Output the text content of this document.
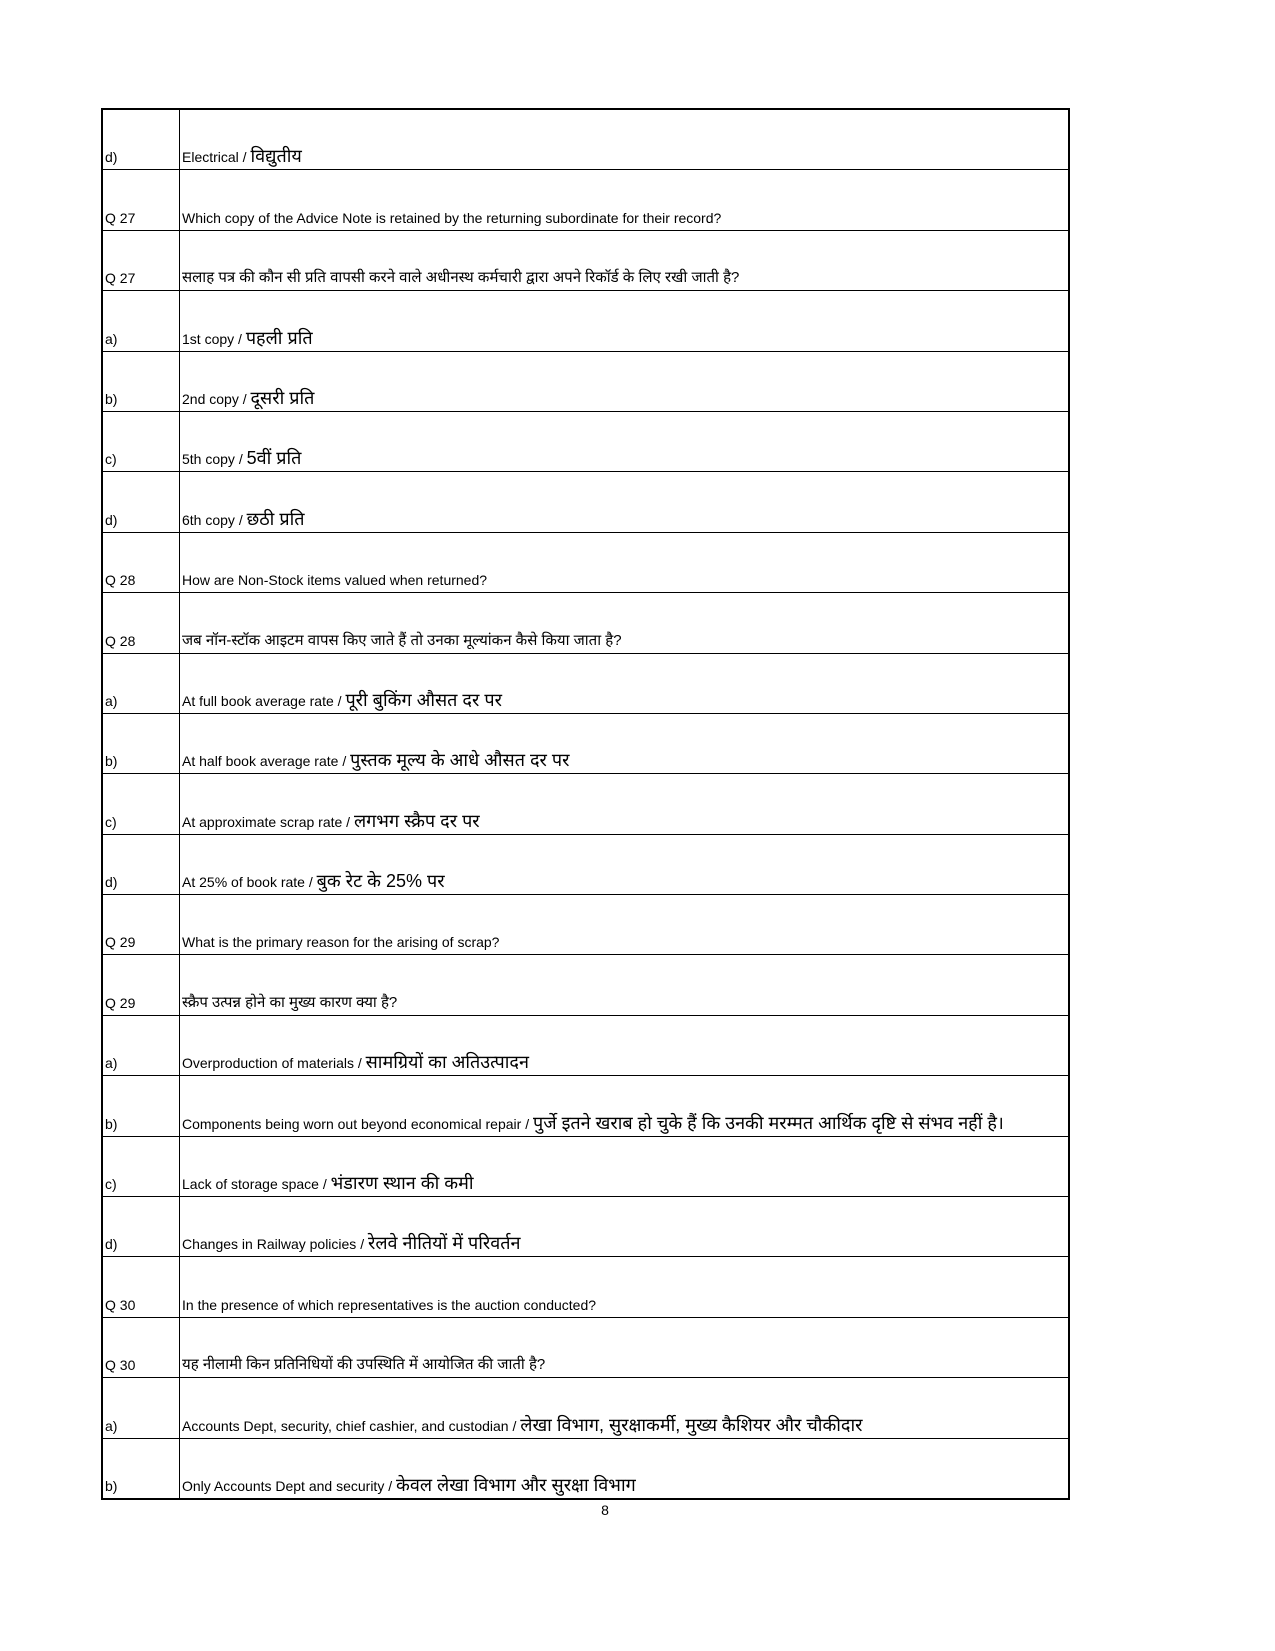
d)	Electrical / विद्युतीय
Q 27	Which copy of the Advice Note is retained by the returning subordinate for their record?
Q 27	सलाह पत्र की कौन सी प्रति वापसी करने वाले अधीनस्थ कर्मचारी द्वारा अपने रिकॉर्ड के लिए रखी जाती है?
a)	1st copy / पहली प्रति
b)	2nd copy / दूसरी प्रति
c)	5th copy / 5वीं प्रति
d)	6th copy / छठी प्रति
Q 28	How are Non-Stock items valued when returned?
Q 28	जब नॉन-स्टॉक आइटम वापस किए जाते हैं तो उनका मूल्यांकन कैसे किया जाता है?
a)	At full book average rate / पूरी बुकिंग औसत दर पर
b)	At half book average rate / पुस्तक मूल्य के आधे औसत दर पर
c)	At approximate scrap rate / लगभग स्क्रैप दर पर
d)	At 25% of book rate / बुक रेट के 25% पर
Q 29	What is the primary reason for the arising of scrap?
Q 29	स्क्रैप उत्पन्न होने का मुख्य कारण क्या है?
a)	Overproduction of materials / सामग्रियों का अतिउत्पादन
b)	Components being worn out beyond economical repair / पुर्जे इतने खराब हो चुके हैं कि उनकी मरम्मत आर्थिक दृष्टि से संभव नहीं है।
c)	Lack of storage space / भंडारण स्थान की कमी
d)	Changes in Railway policies / रेलवे नीतियों में परिवर्तन
Q 30	In the presence of which representatives is the auction conducted?
Q 30	यह नीलामी किन प्रतिनिधियों की उपस्थिति में आयोजित की जाती है?
a)	Accounts Dept, security, chief cashier, and custodian / लेखा विभाग, सुरक्षाकर्मी, मुख्य कैशियर और चौकीदार
b)	Only Accounts Dept and security / केवल लेखा विभाग और सुरक्षा विभाग
8
